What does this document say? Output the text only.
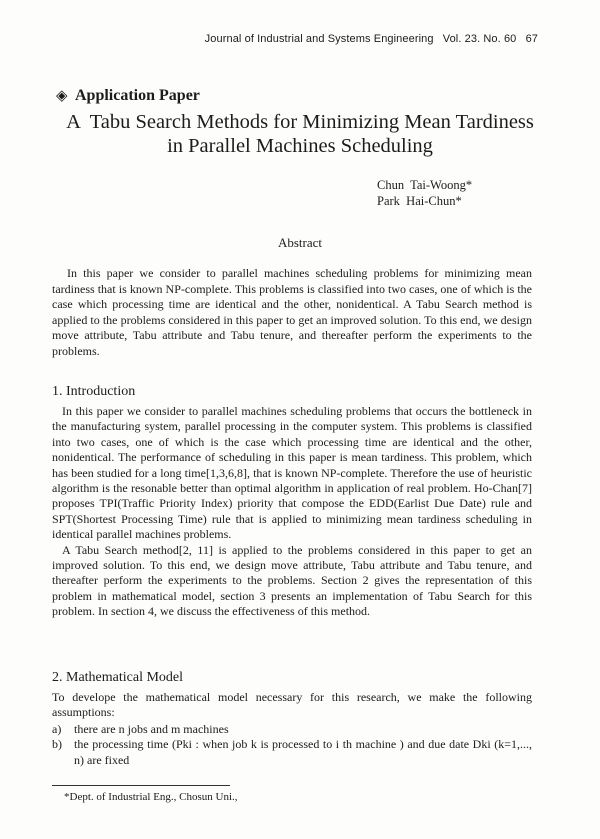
Journal of Industrial and Systems Engineering Vol. 23. No. 60 67
◈ Application Paper
A  Tabu Search Methods for Minimizing Mean Tardiness
in Parallel Machines Scheduling
Chun  Tai-Woong*
Park  Hai-Chun*
Abstract
In this paper we consider to parallel machines scheduling problems for minimizing mean tardiness that is known NP-complete. This problems is classified into two cases, one of which is the case which processing time are identical and the other, nonidentical. A Tabu Search method is applied to the problems considered in this paper to get an improved solution. To this end, we design move attribute, Tabu attribute and Tabu tenure, and thereafter perform the experiments to the problems.
1. Introduction

In this paper we consider to parallel machines scheduling problems that occurs the bottleneck in the manufacturing system, parallel processing in the computer system. This problems is classified into two cases, one of which is the case which processing time are identical and the other, nonidentical. The performance of scheduling in this paper is mean tardiness. This problem, which has been studied for a long time[1,3,6,8], that is known NP-complete. Therefore the use of heuristic algorithm is the resonable better than optimal algorithm in application of real problem. Ho-Chan[7] proposes TPI(Traffic Priority Index) priority that compose the EDD(Earlist Due Date) rule and SPT(Shortest Processing Time) rule that is applied to minimizing mean tardiness scheduling in identical parallel machines problems.

A Tabu Search method[2, 11] is applied to the problems considered in this paper to get an improved solution. To this end, we design move attribute, Tabu attribute and Tabu tenure, and thereafter perform the experiments to the problems. Section 2 gives the representation of this problem in mathematical model, section 3 presents an implementation of Tabu Search for this problem. In section 4, we discuss the effectiveness of this method.

2. Mathematical Model
To develope the mathematical model necessary for this research, we make the following assumptions:
a)	there are n jobs and m machines
b)	the processing time (Pki : when job k is processed to i th machine ) and due date Dki (k=1,..., n) are fixed
*Dept. of Industrial Eng., Chosun Uni.,
